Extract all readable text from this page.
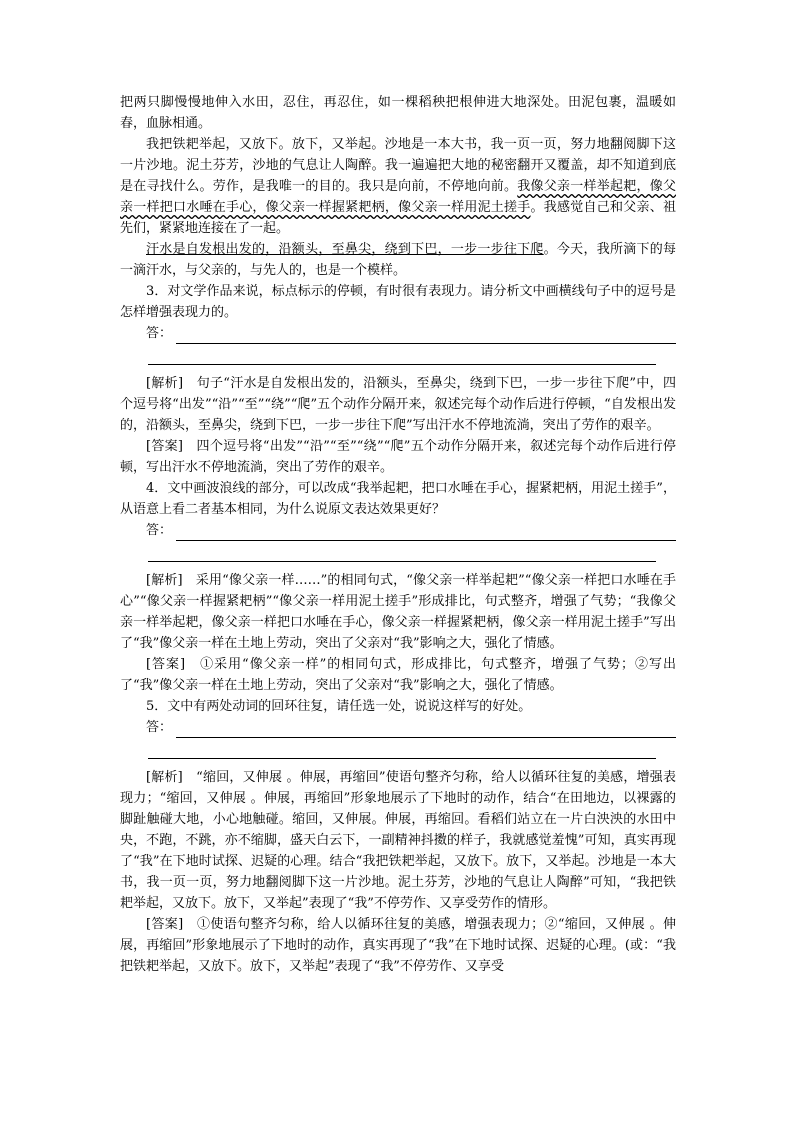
把两只脚慢慢地伸入水田，忍住，再忍住，如一棵稻秧把根伸进大地深处。田泥包裹，温暖如春，血脉相通。

我把铁耙举起，又放下。放下，又举起。沙地是一本大书，我一页一页，努力地翻阅脚下这一片沙地。泥土芬芳，沙地的气息让人陶醉。我一遍遍把大地的秘密翻开又覆盖，却不知道到底是在寻找什么。劳作，是我唯一的目的。我只是向前，不停地向前。我像父亲一样举起耙，像父亲一样把口水唾在手心，像父亲一样握紧耙柄，像父亲一样用泥土搓手。我感觉自己和父亲、祖先们，紧紧地连接在了一起。

汗水是自发根出发的，沿额头，至鼻尖，绕到下巴，一步一步往下爬。今天，我所滴下的每一滴汗水，与父亲的，与先人的，也是一个模样。

3．对文学作品来说，标点标示的停顿，有时很有表现力。请分析文中画横线句子中的逗号是怎样增强表现力的。

答：

[解析]　 句子“汗水是自发根出发的，沿额头，至鼻尖，绕到下巴，一步一步往下爬”中，四个逗号将“出发”“沿”“至”“绕”“爬”五个动作分隔开来，叙述完每个动作后进行停顿，“自发根出发的，沿额头，至鼻尖，绕到下巴，一步一步往下爬”写出汗水不停地流淌，突出了劳作的艰辛。

[答案]　 四个逗号将“出发”“沿”“至”“绕”“爬”五个动作分隔开来，叙述完每个动作后进行停顿，写出汗水不停地流淌，突出了劳作的艰辛。

4．文中画波浪线的部分，可以改成“我举起耙，把口水唾在手心，握紧耙柄，用泥土搓手”，从语意上看二者基本相同，为什么说原文表达效果更好？

答：

[解析]　 采用“像父亲一样……”的相同句式，“像父亲一样举起耙”“像父亲一样把口水唾在手心”“像父亲一样握紧耙柄”“像父亲一样用泥土搓手”形成排比，句式整齐，增强了气势；“我像父亲一样举起耙，像父亲一样把口水唾在手心，像父亲一样握紧耙柄，像父亲一样用泥土搓手”写出了“我”像父亲一样在土地上劳动，突出了父亲对“我”影响之大，强化了情感。

[答案]　 ①采用“像父亲一样”的相同句式，形成排比，句式整齐，增强了气势；②写出了“我”像父亲一样在土地上劳动，突出了父亲对“我”影响之大，强化了情感。

5．文中有两处动词的回环往复，请任选一处，说说这样写的好处。

答：

[解析]　 “缩回，又伸展 。伸展，再缩回”使语句整齐匀称，给人以循环往复的美感，增强表现力；“缩回，又伸展 。伸展，再缩回”形象地展示了下地时的动作，结合“在田地边，以裸露的脚趾触碰大地，小心地触碰。缩回，又伸展。伸展，再缩回。看稻们站立在一片白泱泱的水田中央，不跑，不跳，亦不缩脚，盛天白云下，一副精神抖擞的样子，我就感觉羞愧”可知，真实再现了“我”在下地时试探、迟疑的心理。结合“我把铁耙举起，又放下。放下，又举起。沙地是一本大书，我一页一页，努力地翻阅脚下这一片沙地。泥土芬芳，沙地的气息让人陶醉”可知，“我把铁耙举起，又放下。放下，又举起”表现了“我”不停劳作、又享受劳作的情形。

[答案]　 ①使语句整齐匀称，给人以循环往复的美感，增强表现力；②“缩回，又伸展 。伸展，再缩回”形象地展示了下地时的动作，真实再现了“我”在下地时试探、迟疑的心理。(或：“我把铁耙举起，又放下。放下，又举起”表现了“我”不停劳作、又享受
